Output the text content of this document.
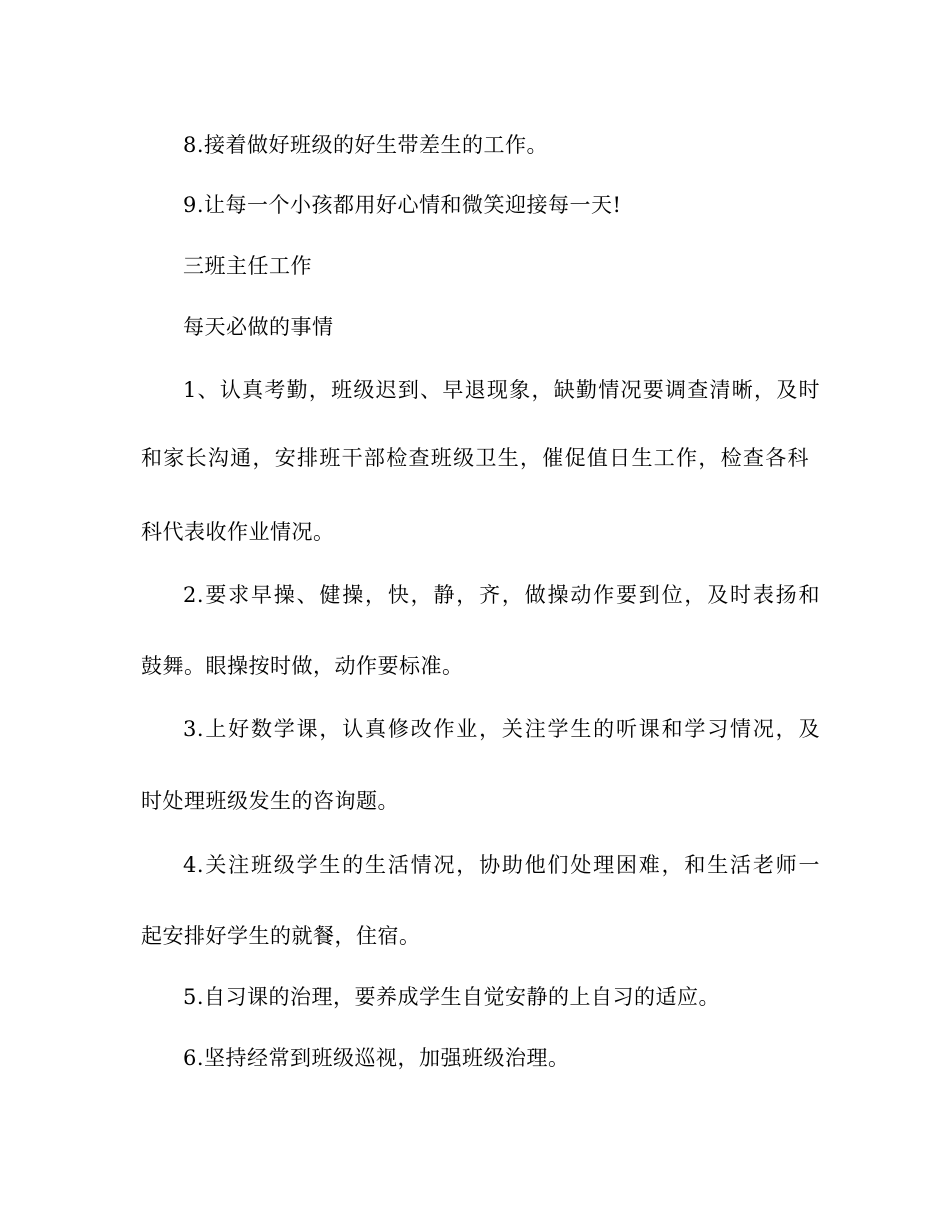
8.接着做好班级的好生带差生的工作。
9.让每一个小孩都用好心情和微笑迎接每一天!
三班主任工作
每天必做的事情
1、认真考勤，班级迟到、早退现象，缺勤情况要调查清晰，及时
和家长沟通，安排班干部检查班级卫生，催促值日生工作，检查各科
科代表收作业情况。
2.要求早操、健操，快，静，齐，做操动作要到位，及时表扬和
鼓舞。眼操按时做，动作要标准。
3.上好数学课，认真修改作业，关注学生的听课和学习情况，及
时处理班级发生的咨询题。
4.关注班级学生的生活情况，协助他们处理困难，和生活老师一
起安排好学生的就餐，住宿。
5.自习课的治理，要养成学生自觉安静的上自习的适应。
6.坚持经常到班级巡视，加强班级治理。
